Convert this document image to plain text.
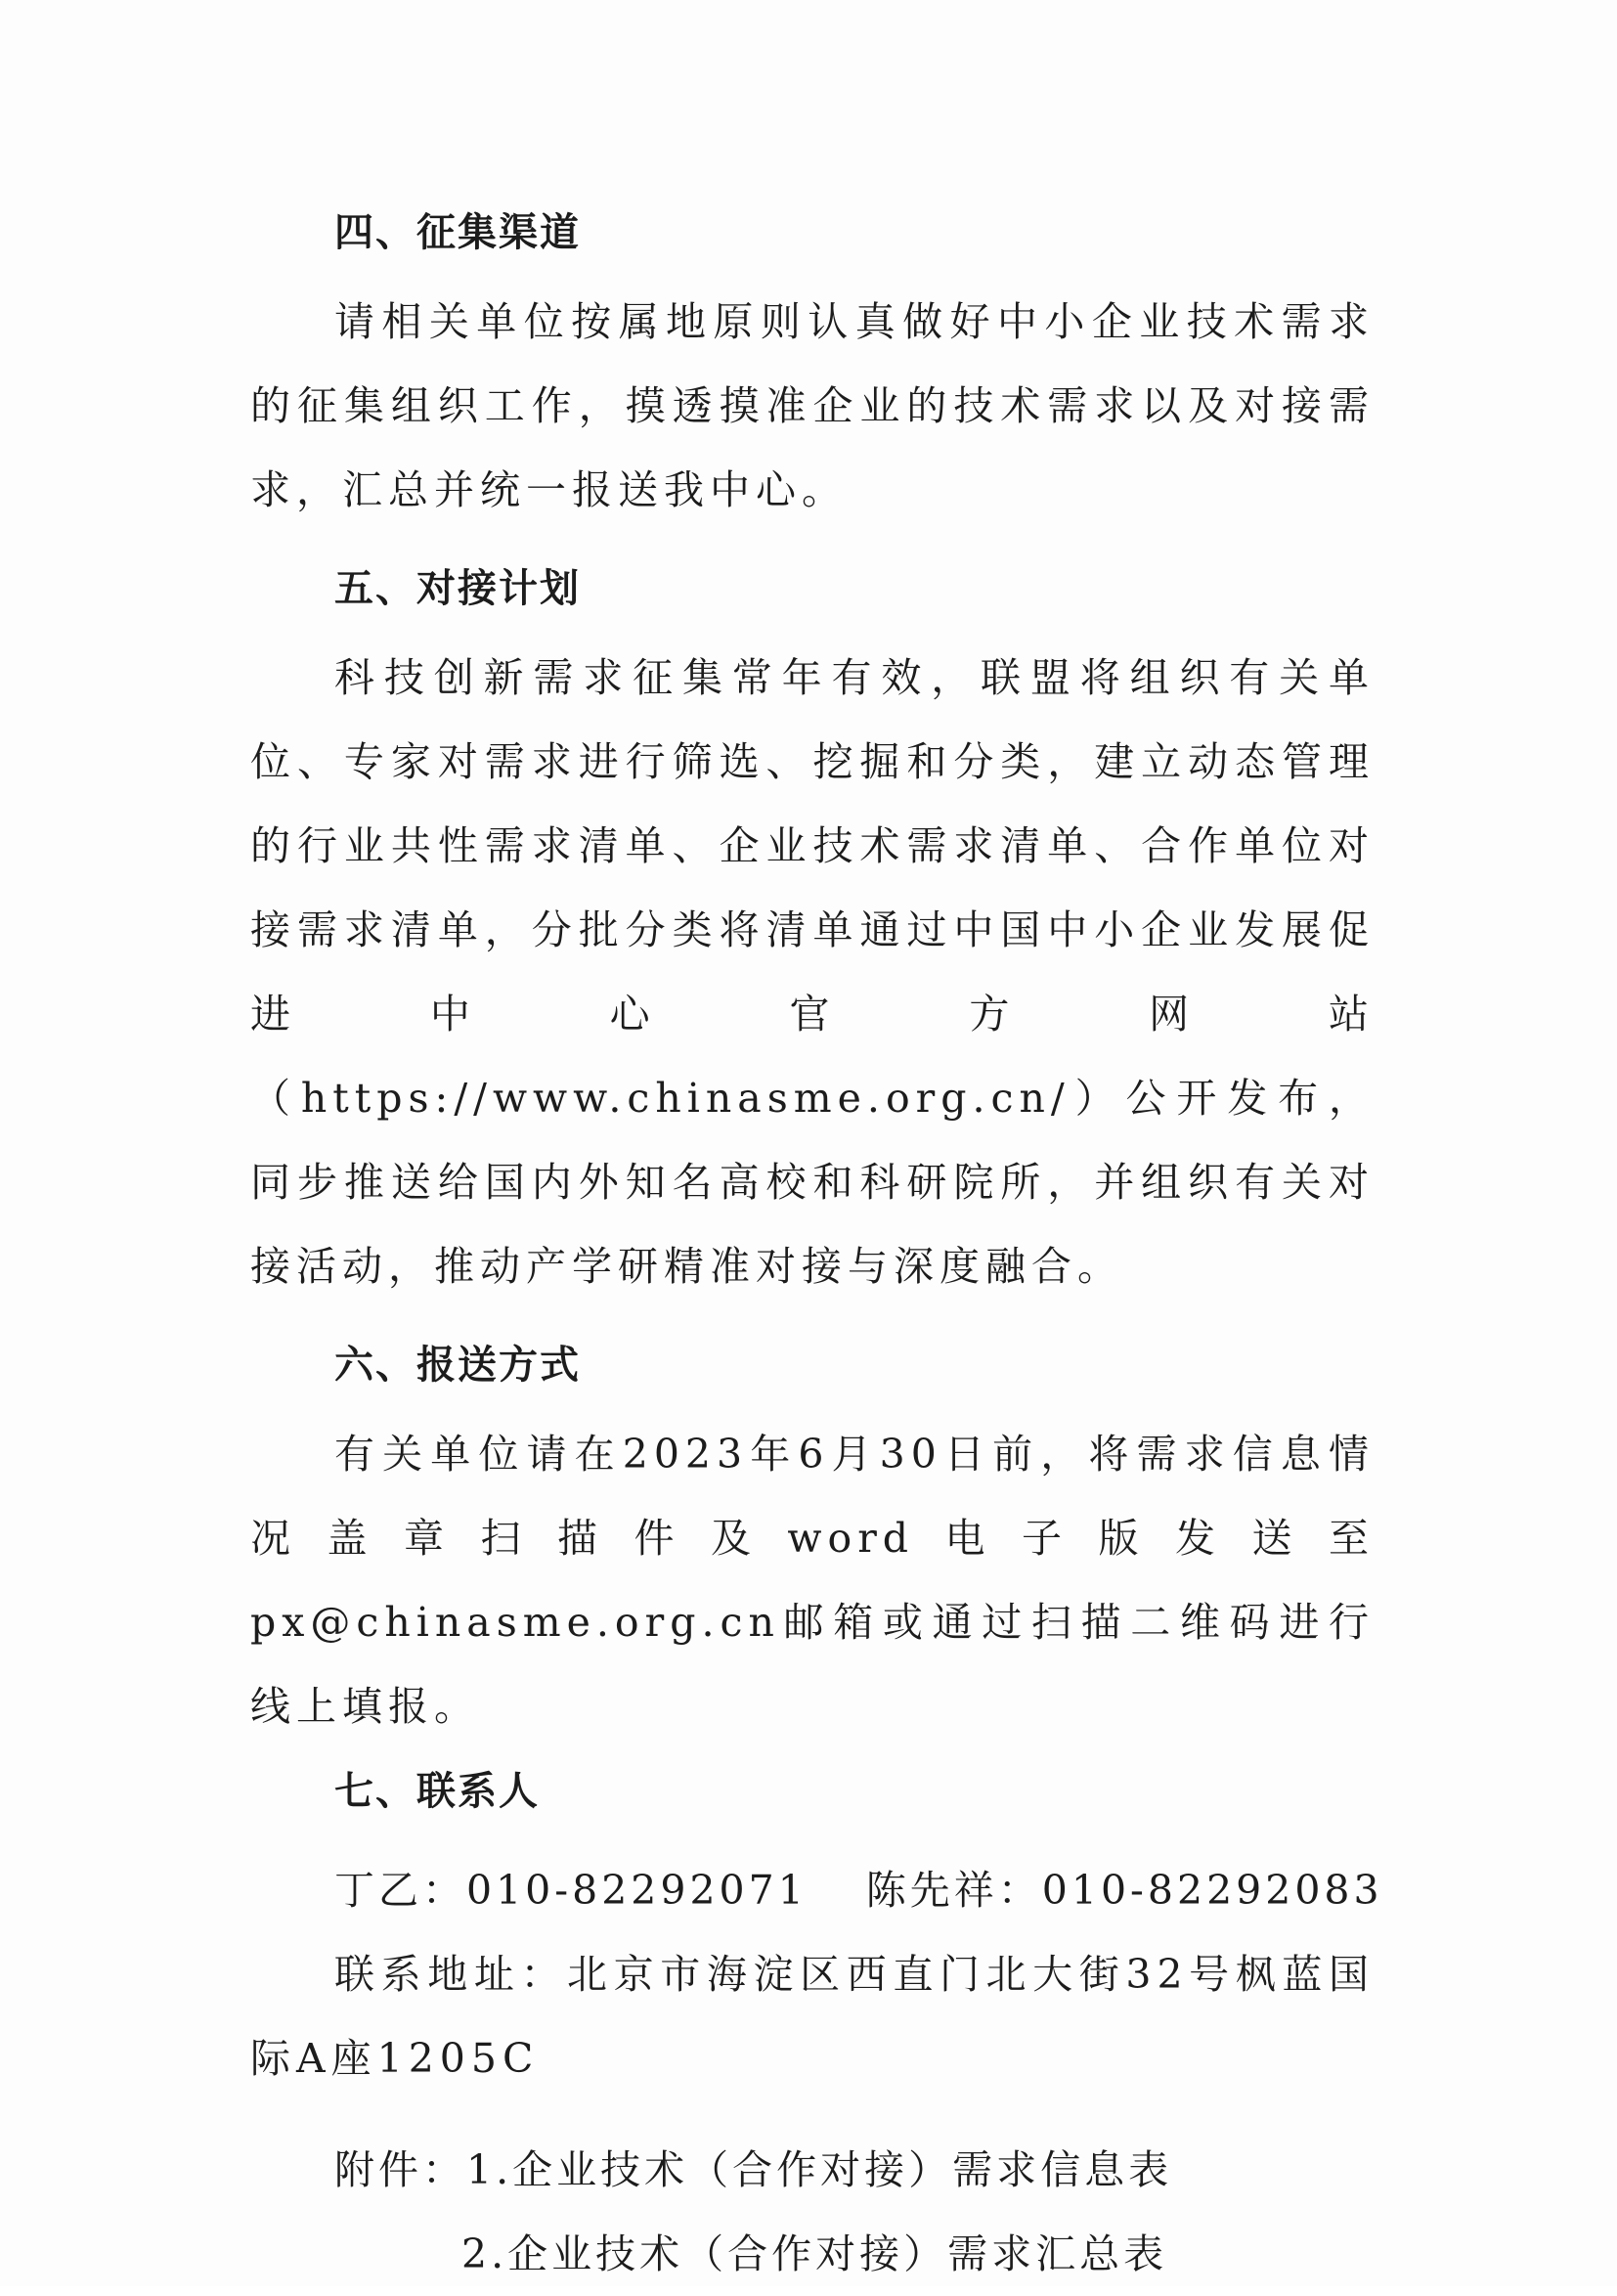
四、征集渠道
请相关单位按属地原则认真做好中小企业技术需求的征集组织工作，摸透摸准企业的技术需求以及对接需求，汇总并统一报送我中心。
五、对接计划
科技创新需求征集常年有效，联盟将组织有关单位、专家对需求进行筛选、挖掘和分类，建立动态管理的行业共性需求清单、企业技术需求清单、合作单位对接需求清单，分批分类将清单通过中国中小企业发展促进中心官方网站（https://www.chinasme.org.cn/）公开发布，同步推送给国内外知名高校和科研院所，并组织有关对接活动，推动产学研精准对接与深度融合。
六、报送方式
有关单位请在2023年6月30日前，将需求信息情况盖章扫描件及word电子版发送至px@chinasme.org.cn邮箱或通过扫描二维码进行线上填报。
七、联系人
丁乙：010-82292071 陈先祥：010-82292083
联系地址：北京市海淀区西直门北大街32号枫蓝国际A座1205C
附件：1.企业技术（合作对接）需求信息表
2.企业技术（合作对接）需求汇总表
